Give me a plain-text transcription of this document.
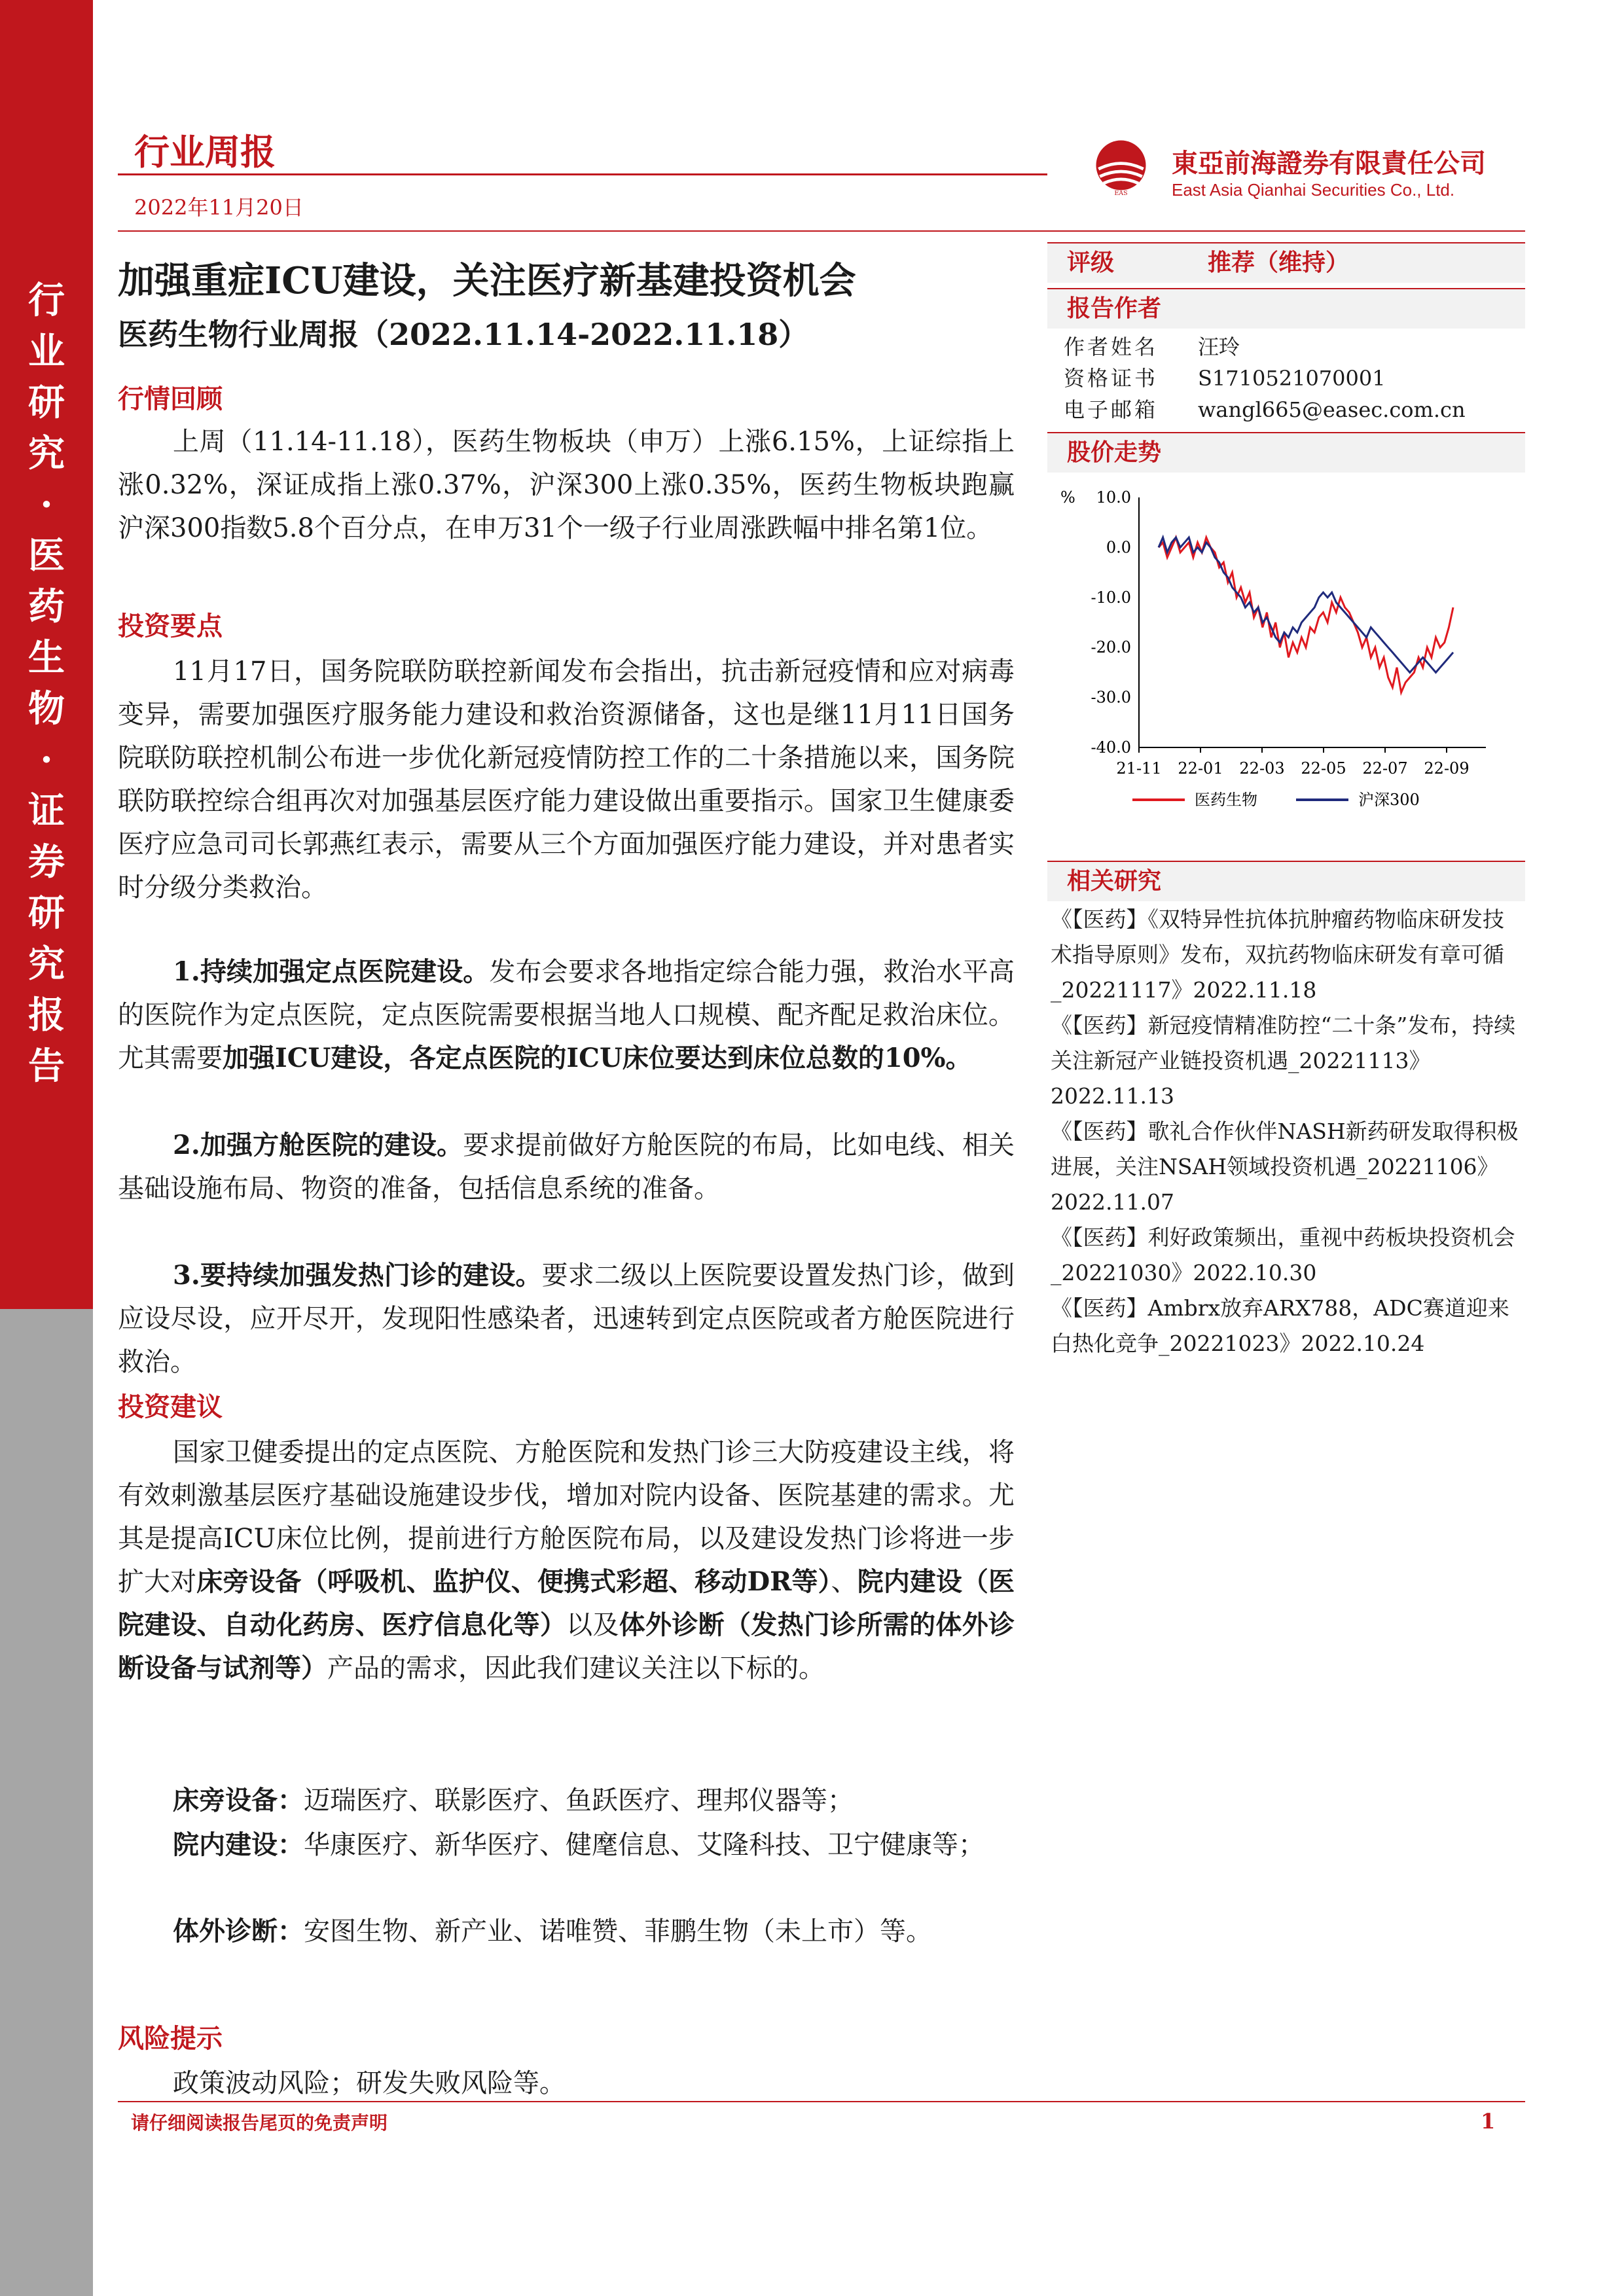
行
业
研
究
·
医
药
生
物
·
证
券
研
究
报
告
行业周报
2022年11月20日
EAS
東亞前海證券有限責任公司
East Asia Qianhai Securities Co., Ltd.
加强重症ICU建设，关注医疗新基建投资机会
医药生物行业周报（2022.11.14-2022.11.18）
行情回顾
上周（11.14-11.18），医药生物板块（申万）上涨6.15%，上证综指上涨0.32%，深证成指上涨0.37%，沪深300上涨0.35%，医药生物板块跑赢沪深300指数5.8个百分点，在申万31个一级子行业周涨跌幅中排名第1位。
投资要点
11月17日，国务院联防联控新闻发布会指出，抗击新冠疫情和应对病毒变异，需要加强医疗服务能力建设和救治资源储备，这也是继11月11日国务院联防联控机制公布进一步优化新冠疫情防控工作的二十条措施以来，国务院联防联控综合组再次对加强基层医疗能力建设做出重要指示。国家卫生健康委医疗应急司司长郭燕红表示，需要从三个方面加强医疗能力建设，并对患者实时分级分类救治。
1.持续加强定点医院建设。发布会要求各地指定综合能力强，救治水平高的医院作为定点医院，定点医院需要根据当地人口规模、配齐配足救治床位。尤其需要加强ICU建设，各定点医院的ICU床位要达到床位总数的10%。
2.加强方舱医院的建设。要求提前做好方舱医院的布局，比如电线、相关基础设施布局、物资的准备，包括信息系统的准备。
3.要持续加强发热门诊的建设。要求二级以上医院要设置发热门诊，做到应设尽设，应开尽开，发现阳性感染者，迅速转到定点医院或者方舱医院进行救治。
投资建议
国家卫健委提出的定点医院、方舱医院和发热门诊三大防疫建设主线，将有效刺激基层医疗基础设施建设步伐，增加对院内设备、医院基建的需求。尤其是提高ICU床位比例，提前进行方舱医院布局，以及建设发热门诊将进一步扩大对床旁设备（呼吸机、监护仪、便携式彩超、移动DR等）、院内建设（医院建设、自动化药房、医疗信息化等）以及体外诊断（发热门诊所需的体外诊断设备与试剂等）产品的需求，因此我们建议关注以下标的。
床旁设备：迈瑞医疗、联影医疗、鱼跃医疗、理邦仪器等；
院内建设：华康医疗、新华医疗、健麾信息、艾隆科技、卫宁健康等；
体外诊断：安图生物、新产业、诺唯赞、菲鹏生物（未上市）等。
风险提示
政策波动风险；研发失败风险等。
评级	推荐（维持）
报告作者
作者姓名 汪玲
资格证书 S1710521070001
电子邮箱 wangl665@easec.com.cn
股价走势
% 10.0
0.0
-10.0
-20.0
-30.0
-40.0
21-11 22-01 22-03 22-05 22-07 22-09
医药生物	沪深300
相关研究
《【医药】《双特异性抗体抗肿瘤药物临床研发技术指导原则》发布，双抗药物临床研发有章可循_20221117》2022.11.18
《【医药】新冠疫情精准防控“二十条”发布，持续关注新冠产业链投资机遇_20221113》2022.11.13
《【医药】歌礼合作伙伴NASH新药研发取得积极进展，关注NSAH领域投资机遇_20221106》2022.11.07
《【医药】利好政策频出，重视中药板块投资机会_20221030》2022.10.30
《【医药】Ambrx放弃ARX788，ADC赛道迎来白热化竞争_20221023》2022.10.24
请仔细阅读报告尾页的免责声明	1
